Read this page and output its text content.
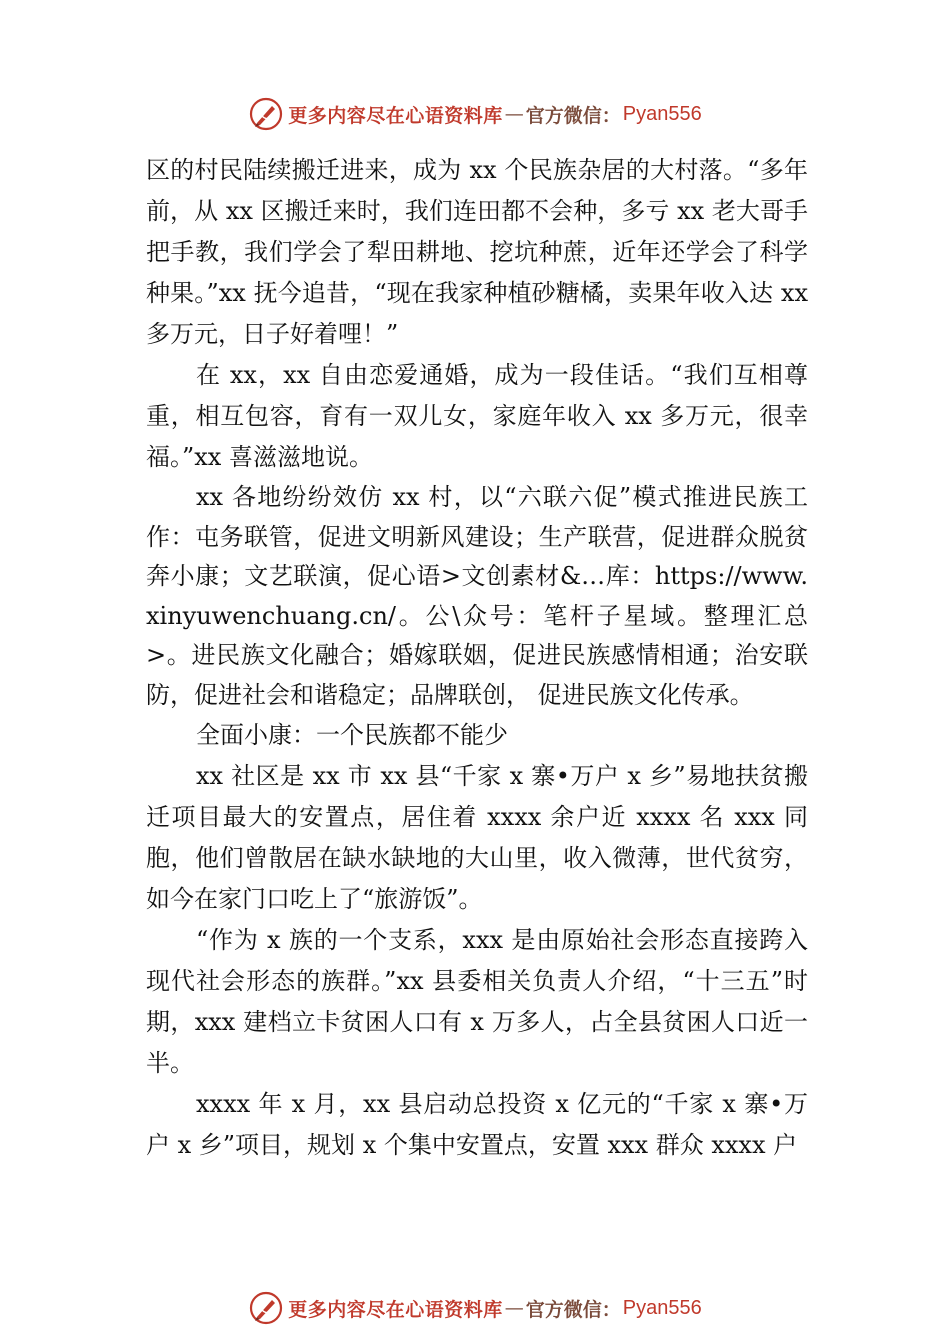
更多内容尽在心语资料库 — 官方微信： Pyan556

区的村民陆续搬迁进来，成为 xx 个民族杂居的大村落。“多年前，从 xx 区搬迁来时，我们连田都不会种，多亏 xx 老大哥手把手教，我们学会了犁田耕地、挖坑种蔗，近年还学会了科学种果。”xx 抚今追昔，“现在我家种植砂糖橘，卖果年收入达 xx 多万元，日子好着哩！”

在 xx，xx 自由恋爱通婚，成为一段佳话。“我们互相尊重，相互包容，育有一双儿女，家庭年收入 xx 多万元，很幸福。”xx 喜滋滋地说。

xx 各地纷纷效仿 xx 村，以“六联六促”模式推进民族工作：屯务联管，促进文明新风建设；生产联营，促进群众脱贫奔小康；文艺联演，促心语>文创素材&…库：https://www.xinyuwenchuang.cn/。公\众号：笔杆子星域。整理汇总>。进民族文化融合；婚嫁联姻，促进民族感情相通；治安联防，促进社会和谐稳定；品牌联创， 促进民族文化传承。

全面小康：一个民族都不能少

xx 社区是 xx 市 xx 县“千家 x 寨•万户 x 乡”易地扶贫搬迁项目最大的安置点，居住着 xxxx 余户近 xxxx 名 xxx 同胞，他们曾散居在缺水缺地的大山里，收入微薄，世代贫穷， 如今在家门口吃上了“旅游饭”。

“作为 x 族的一个支系，xxx 是由原始社会形态直接跨入现代社会形态的族群。”xx 县委相关负责人介绍，“十三五”时期，xxx 建档立卡贫困人口有 x 万多人，占全县贫困人口近一半。

xxxx 年 x 月，xx 县启动总投资 x 亿元的“千家 x 寨•万户 x 乡”项目，规划 x 个集中安置点，安置 xxx 群众 xxxx 户

更多内容尽在心语资料库 — 官方微信： Pyan556
